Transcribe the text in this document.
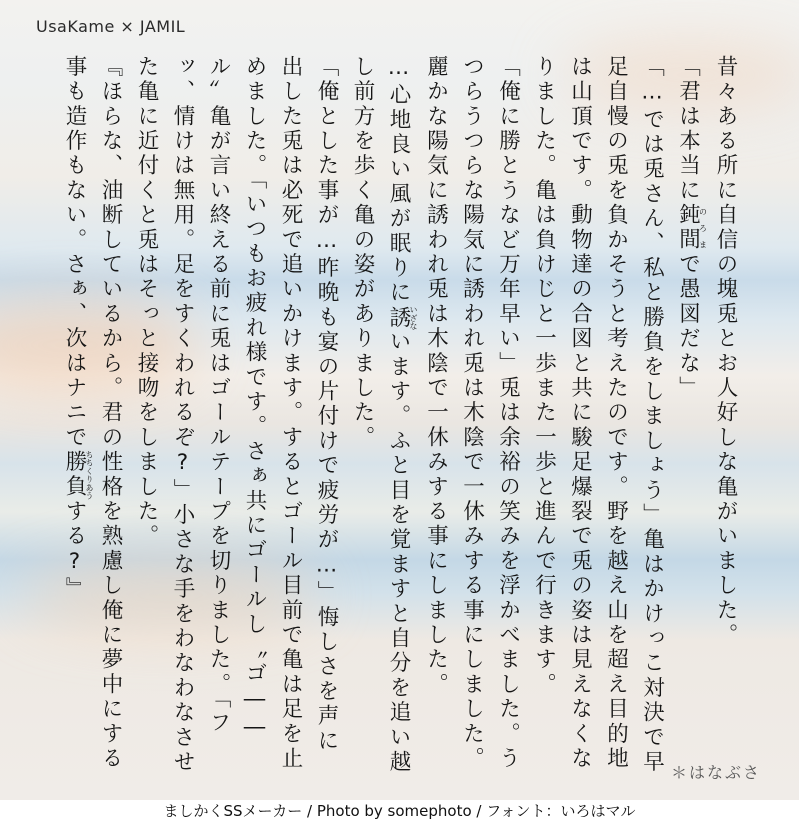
UsaKame × JAMIL

昔々ある所に自信の塊兎とお人好しな亀がいました。

「君は本当に鈍間のろまで愚図だな」

「…では兎さん、私と勝負をしましょう」亀はかけっこ対決で早足自慢の兎を負かそうと考えたのです。野を越え山を超え目的地は山頂です。動物達の合図と共に駿足爆裂で兎の姿は見えなくなりました。亀は負けじと一歩また一歩と進んで行きます。

「俺に勝とうなど万年早い」兎は余裕の笑みを浮かべました。うつらうつらな陽気に誘われ兎は木陰で一休みする事にしました。麗かな陽気に誘われ兎は木陰で一休みする事にしました。

…心地良い風が眠りに誘いざないます。ふと目を覚ますと自分を追い越し前方を歩く亀の姿がありました。

「俺とした事が…昨晩も宴の片付けで疲労が…」悔しさを声に出した兎は必死で追いかけます。するとゴール目前で亀は足を止めました。「いつもお疲れ様です。さぁ共にゴールし〝ゴ――ル〟亀が言い終える前に兎はゴールテープを切りました。「フッ、情けは無用。足をすくわれるぞ?」小さな手をわなわなさせた亀に近付くと兎はそっと接吻をしました。

『ほらな、油断しているから。君の性格を熟慮し俺に夢中にする事も造作もない。さぁ、次はナニで勝負ちちくりあうする?』

＊はなぶさ
ましかくSSメーカー / Photo by somephoto / フォント：いろはマル
